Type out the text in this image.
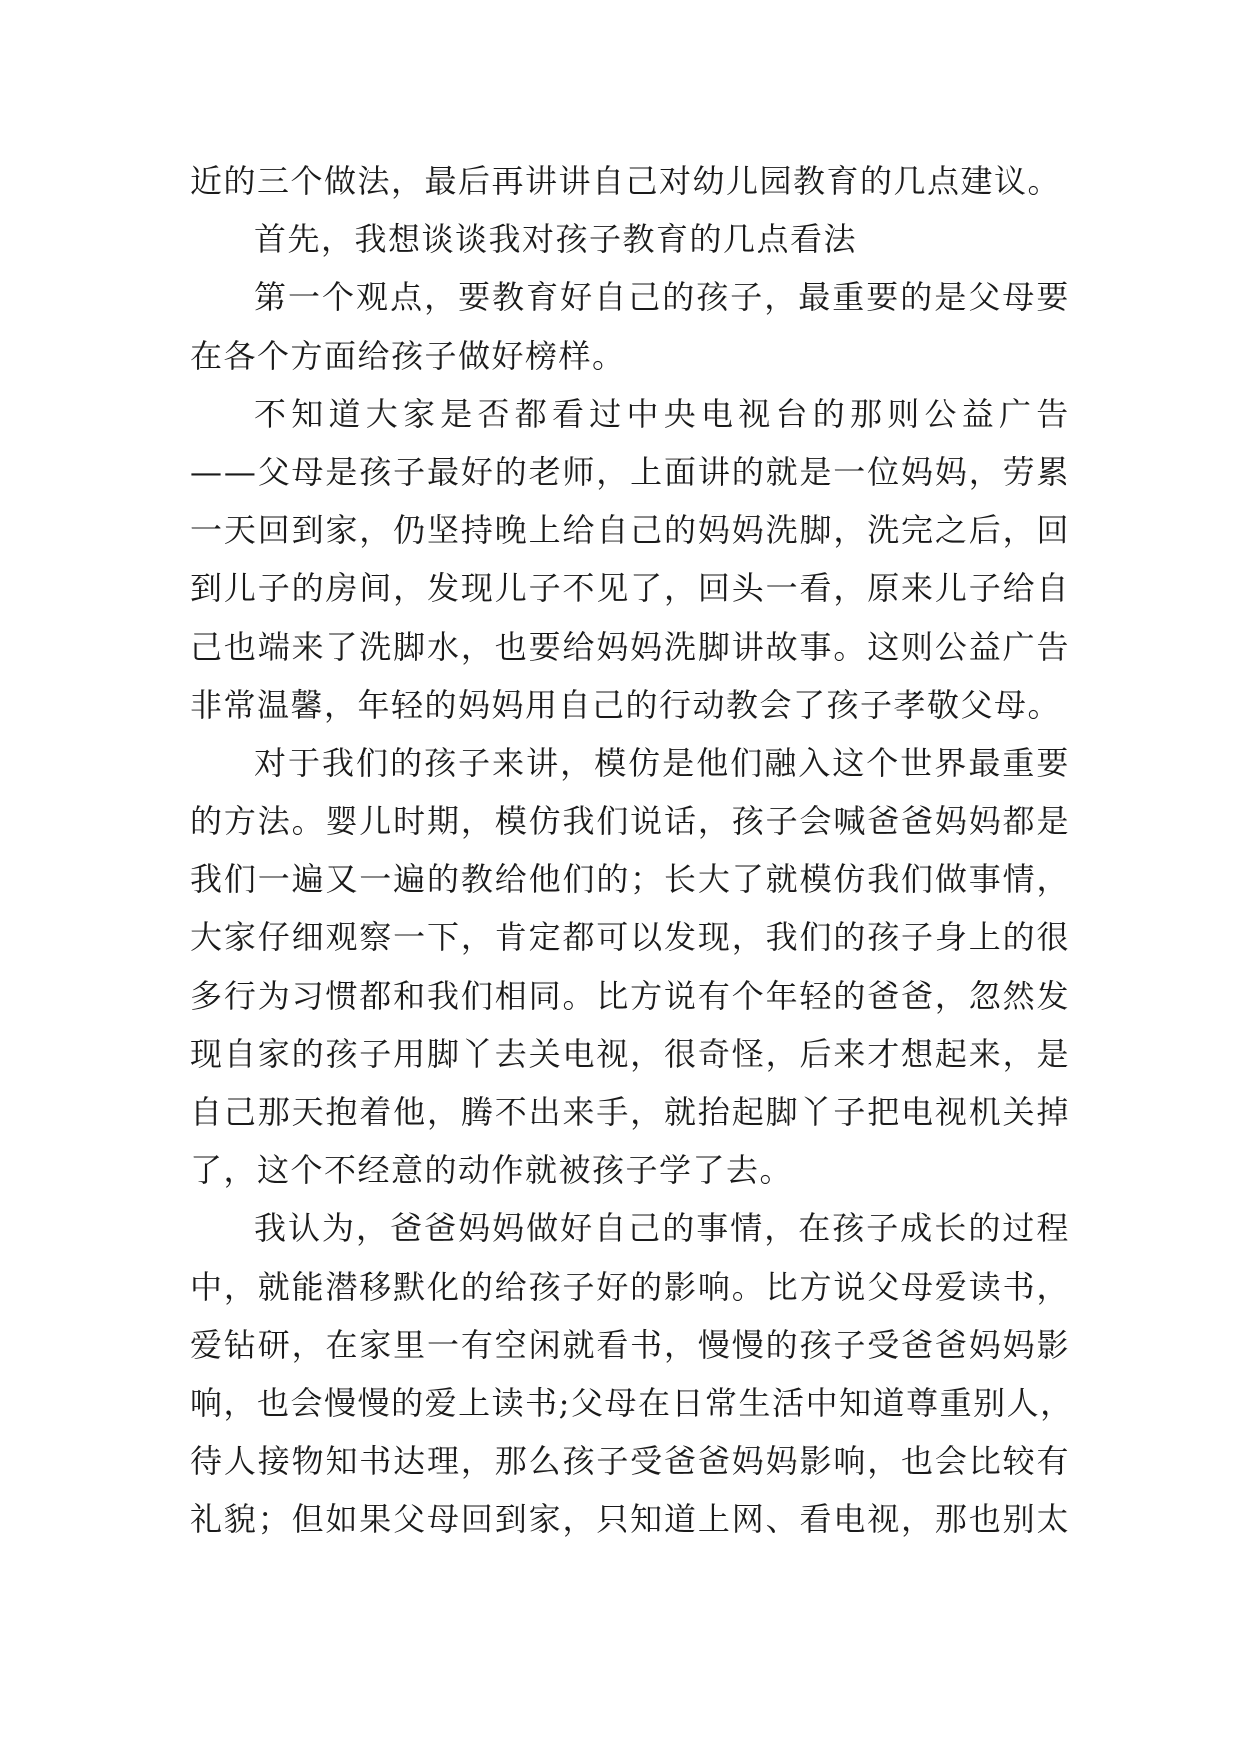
近的三个做法，最后再讲讲自己对幼儿园教育的几点建议。
首先，我想谈谈我对孩子教育的几点看法
第 一 个 观 点 ， 要 教 育 好 自 己 的 孩 子 ， 最 重 要 的 是 父 母 要
在各个方面给孩子做好榜样。
不 知 道 大 家 是 否 都 看 过 中 央 电 视 台 的 那 则 公 益 广 告
— — 父 母 是 孩 子 最 好 的 老 师 ， 上 面 讲 的 就 是 一 位 妈 妈 ， 劳 累
一 天 回 到 家 ， 仍 坚 持 晚 上 给 自 己 的 妈 妈 洗 脚 ， 洗 完 之 后 ， 回
到 儿 子 的 房 间 ， 发 现 儿 子 不 见 了 ， 回 头 一 看 ， 原 来 儿 子 给 自
己 也 端 来 了 洗 脚 水 ， 也 要 给 妈 妈 洗 脚 讲 故 事 。 这 则 公 益 广 告
非常温馨，年轻的妈妈用自己的行动教会了孩子孝敬父母。
对 于 我 们 的 孩 子 来 讲 ， 模 仿 是 他 们 融 入 这 个 世 界 最 重 要
的 方 法 。 婴 儿 时 期 ， 模 仿 我 们 说 话 ， 孩 子 会 喊 爸 爸 妈 妈 都 是
我 们 一 遍 又 一 遍 的 教 给 他 们 的 ； 长 大 了 就 模 仿 我 们 做 事 情 ，
大 家 仔 细 观 察 一 下 ， 肯 定 都 可 以 发 现 ， 我 们 的 孩 子 身 上 的 很
多 行 为 习 惯 都 和 我 们 相 同 。 比 方 说 有 个 年 轻 的 爸 爸 ， 忽 然 发
现 自 家 的 孩 子 用 脚 丫 去 关 电 视 ， 很 奇 怪 ， 后 来 才 想 起 来 ， 是
自 己 那 天 抱 着 他 ， 腾 不 出 来 手 ， 就 抬 起 脚 丫 子 把 电 视 机 关 掉
了，这个不经意的动作就被孩子学了去。
我 认 为 ， 爸 爸 妈 妈 做 好 自 己 的 事 情 ， 在 孩 子 成 长 的 过 程
中 ， 就 能 潜 移 默 化 的 给 孩 子 好 的 影 响 。 比 方 说 父 母 爱 读 书 ，
爱 钻 研 ， 在 家 里 一 有 空 闲 就 看 书 ， 慢 慢 的 孩 子 受 爸 爸 妈 妈 影
响 ， 也 会 慢 慢 的 爱 上 读 书 ; 父 母 在 日 常 生 活 中 知 道 尊 重 别 人 ，
待 人 接 物 知 书 达 理 ， 那 么 孩 子 受 爸 爸 妈 妈 影 响 ， 也 会 比 较 有
礼 貌 ； 但 如 果 父 母 回 到 家 ， 只 知 道 上 网 、 看 电 视 ， 那 也 别 太
